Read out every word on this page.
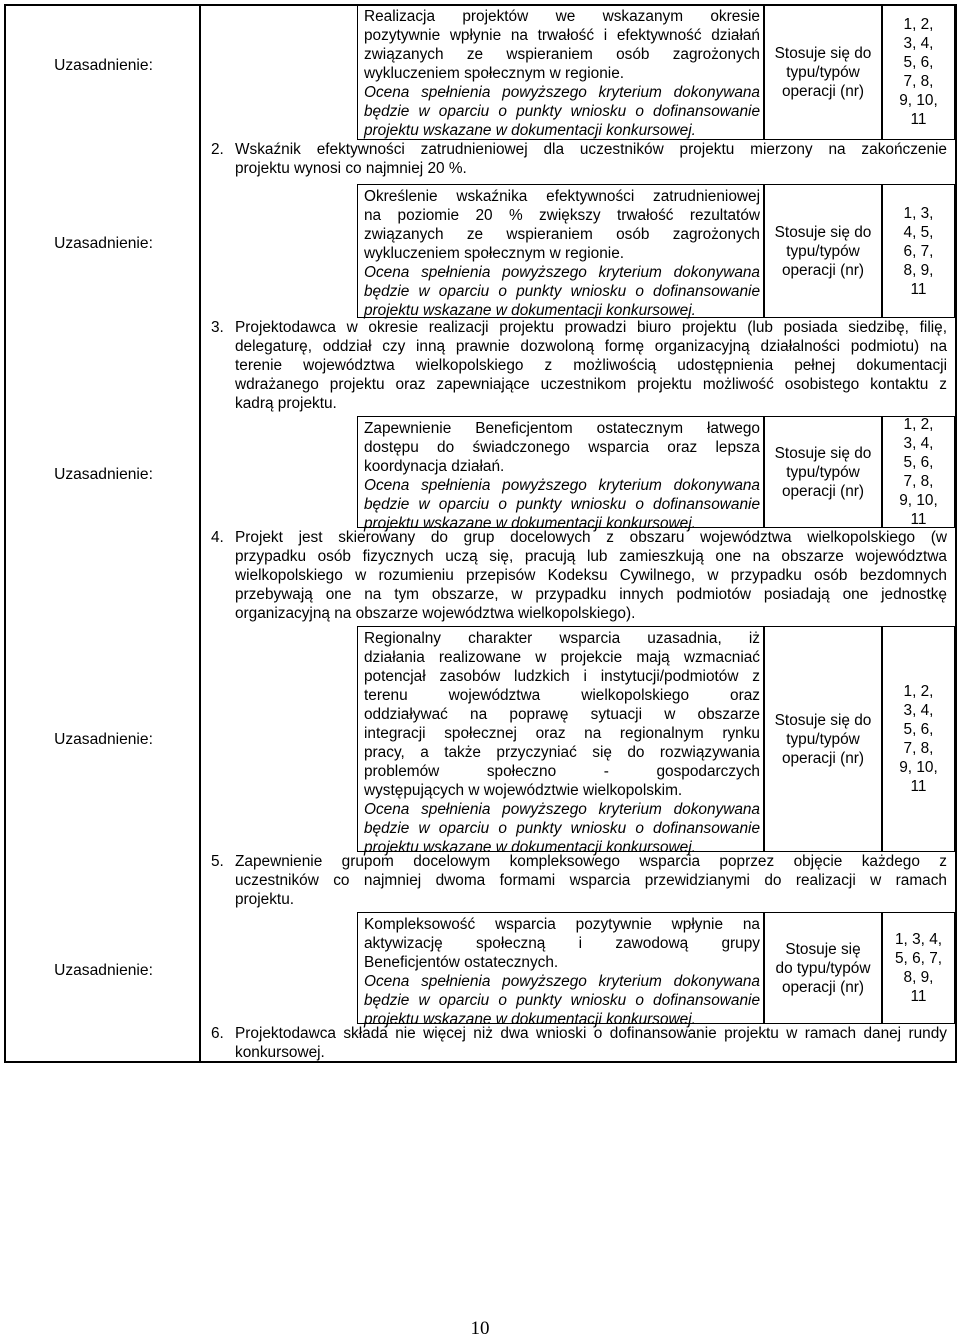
Uzasadnienie:
Realizacja projektów we wskazanym okresie
pozytywnie wpłynie na trwałość i efektywność działań
związanych ze wspieraniem osób zagrożonych
wykluczeniem społecznym w regionie.
Ocena spełnienia powyższego kryterium dokonywana
będzie w oparciu o punkty wniosku o dofinansowanie
projektu wskazane w dokumentacji konkursowej.
Stosuje się do
typu/typów
operacji (nr)
1, 2,
3, 4,
5, 6,
7, 8,
9, 10,
11
2. Wskaźnik efektywności zatrudnieniowej dla uczestników projektu mierzony na zakończenie
projektu wynosi co najmniej 20 %.
Uzasadnienie:
Określenie wskaźnika efektywności zatrudnieniowej
na poziomie 20 % zwiększy trwałość rezultatów
związanych ze wspieraniem osób zagrożonych
wykluczeniem społecznym w regionie.
Ocena spełnienia powyższego kryterium dokonywana
będzie w oparciu o punkty wniosku o dofinansowanie
projektu wskazane w dokumentacji konkursowej.
Stosuje się do
typu/typów
operacji (nr)
1, 3,
4, 5,
6, 7,
8, 9,
11
3. Projektodawca w okresie realizacji projektu prowadzi biuro projektu (lub posiada siedzibę, filię,
delegaturę, oddział czy inną prawnie dozwoloną formę organizacyjną działalności podmiotu) na
terenie województwa wielkopolskiego z możliwością udostępnienia pełnej dokumentacji
wdrażanego projektu oraz zapewniające uczestnikom projektu możliwość osobistego kontaktu z
kadrą projektu.
Uzasadnienie:
Zapewnienie Beneficjentom ostatecznym łatwego
dostępu do świadczonego wsparcia oraz lepsza
koordynacja działań.
Ocena spełnienia powyższego kryterium dokonywana
będzie w oparciu o punkty wniosku o dofinansowanie
projektu wskazane w dokumentacji konkursowej.
Stosuje się do
typu/typów
operacji (nr)
1, 2,
3, 4,
5, 6,
7, 8,
9, 10,
11
4. Projekt jest skierowany do grup docelowych z obszaru województwa wielkopolskiego (w
przypadku osób fizycznych uczą się, pracują lub zamieszkują one na obszarze województwa
wielkopolskiego w rozumieniu przepisów Kodeksu Cywilnego, w przypadku osób bezdomnych
przebywają one na tym obszarze, w przypadku innych podmiotów posiadają one jednostkę
organizacyjną na obszarze województwa wielkopolskiego).
Uzasadnienie:
Regionalny charakter wsparcia uzasadnia, iż
działania realizowane w projekcie mają wzmacniać
potencjał zasobów ludzkich i instytucji/podmiotów z
terenu województwa wielkopolskiego oraz
oddziaływać na poprawę sytuacji w obszarze
integracji społecznej oraz na regionalnym rynku
pracy, a także przyczyniać się do rozwiązywania
problemów społeczno - gospodarczych
występujących w województwie wielkopolskim.
Ocena spełnienia powyższego kryterium dokonywana
będzie w oparciu o punkty wniosku o dofinansowanie
projektu wskazane w dokumentacji konkursowej.
Stosuje się do
typu/typów
operacji (nr)
1, 2,
3, 4,
5, 6,
7, 8,
9, 10,
11
5. Zapewnienie grupom docelowym kompleksowego wsparcia poprzez objęcie każdego z
uczestników co najmniej dwoma formami wsparcia przewidzianymi do realizacji w ramach
projektu.
Uzasadnienie:
Kompleksowość wsparcia pozytywnie wpłynie na
aktywizację społeczną i zawodową grupy
Beneficjentów ostatecznych.
Ocena spełnienia powyższego kryterium dokonywana
będzie w oparciu o punkty wniosku o dofinansowanie
projektu wskazane w dokumentacji konkursowej.
Stosuje się
do typu/typów
operacji (nr)
1, 3, 4,
5, 6, 7,
8, 9,
11
6. Projektodawca składa nie więcej niż dwa wnioski o dofinansowanie projektu w ramach danej rundy
konkursowej.
10
